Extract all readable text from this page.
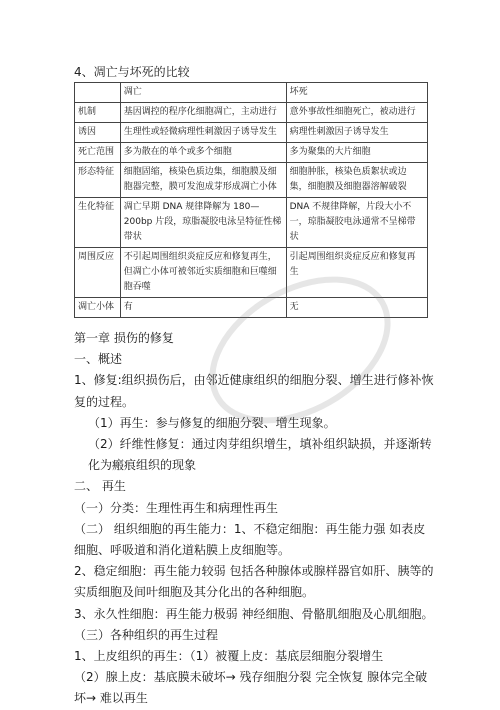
4、凋亡与坏死的比较
	凋亡	坏死
机制	基因调控的程序化细胞凋亡，主动进行	意外事故性细胞死亡，被动进行
诱因	生理性或轻微病理性刺激因子诱导发生	病理性刺激因子诱导发生
死亡范围	多为散在的单个或多个细胞	多为聚集的大片细胞
形态特征	细胞固缩，核染色质边集，细胞膜及细胞器完整，膜可发泡成芽形成凋亡小体	细胞肿胀，核染色质絮状或边集，细胞膜及细胞器溶解破裂
生化特征	凋亡早期 DNA 规律降解为 180—200bp 片段，琼脂凝胶电泳呈特征性梯带状	DNA 不规律降解，片段大小不一，琼脂凝胶电泳通常不呈梯带状
周围反应	不引起周围组织炎症反应和修复再生，但凋亡小体可被邻近实质细胞和巨噬细胞吞噬	引起周围组织炎症反应和修复再生
凋亡小体	有	无

第一章 损伤的修复

一、概述

1、修复:组织损伤后，由邻近健康组织的细胞分裂、增生进行修补恢复的过程。

（1）再生：参与修复的细胞分裂、增生现象。

（2）纤维性修复：通过肉芽组织增生，填补组织缺损，并逐渐转化为瘢痕组织的现象

二、 再生

（一）分类：生理性再生和病理性再生

（二） 组织细胞的再生能力：1、不稳定细胞：再生能力强 如表皮细胞、呼吸道和消化道粘膜上皮细胞等。

2、稳定细胞：再生能力较弱 包括各种腺体或腺样器官如肝、胰等的实质细胞及间叶细胞及其分化出的各种细胞。

3、永久性细胞：再生能力极弱 神经细胞、骨骼肌细胞及心肌细胞。

（三）各种组织的再生过程

1、上皮组织的再生：（1）被覆上皮：基底层细胞分裂增生

（2）腺上皮：基底膜未破坏→ 残存细胞分裂 完全恢复 腺体完全破坏→ 难以再生
